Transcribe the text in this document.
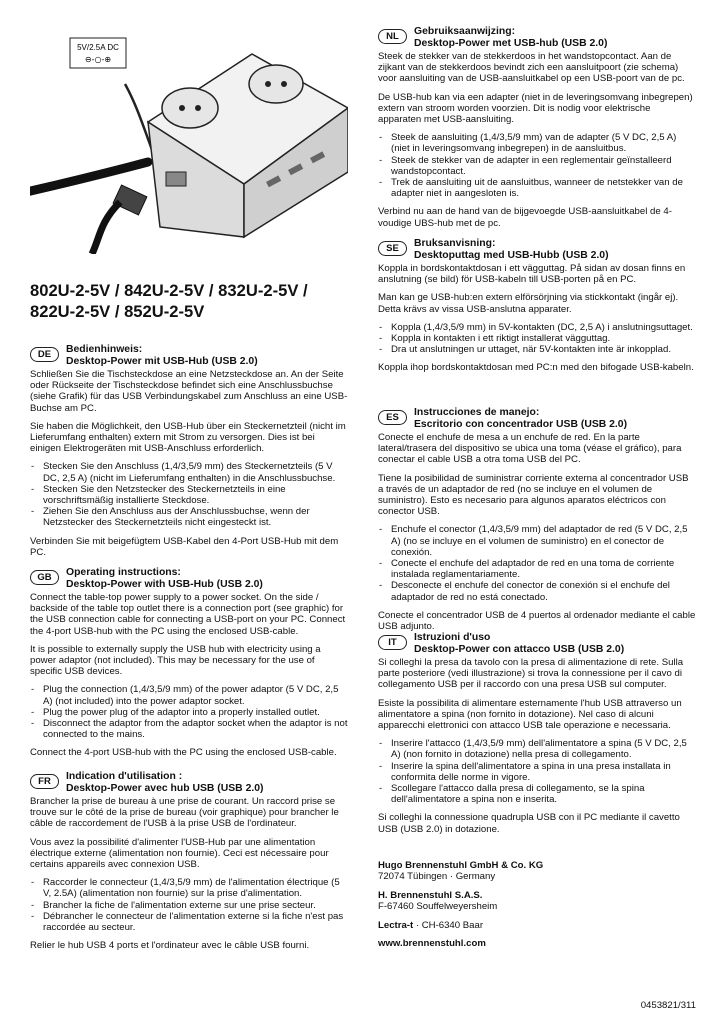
5V/2.5A DC
⊖-○-⊕
802U-2-5V / 842U-2-5V / 832U-2-5V / 822U-2-5V / 852U-2-5V
DE	Bedienhinweis:
Desktop-Power mit USB-Hub (USB 2.0)

Schließen Sie die Tischsteckdose an eine Netzsteckdose an. An der Seite oder Rückseite der Tischsteckdose befindet sich eine Anschlussbuchse (siehe Grafik) für das USB Verbindungskabel zum Anschluss an eine USB-Buchse am PC.

Sie haben die Möglichkeit, den USB-Hub über ein Steckernetzteil (nicht im Lieferumfang enthalten) extern mit Strom zu versorgen. Dies ist bei einigen Elektrogeräten mit USB-Anschluss erforderlich.

- Stecken Sie den Anschluss (1,4/3,5/9 mm) des Steckernetzteils (5 V DC, 2,5 A) (nicht im Lieferumfang enthalten) in die Anschlussbuchse.
- Stecken Sie den Netzstecker des Steckernetzteils in eine vorschriftsmäßig installierte Steckdose.
- Ziehen Sie den Anschluss aus der Anschlussbuchse, wenn der Netzstecker des Steckernetzteils nicht eingesteckt ist.

Verbinden Sie mit beigefügtem USB-Kabel den 4-Port USB-Hub mit dem PC.

GB	Operating instructions:
Desktop-Power with USB-Hub (USB 2.0)

Connect the table-top power supply to a power socket. On the side / backside of the table top outlet there is a connection port (see graphic) for the USB connection cable for connecting a USB-port on your PC. Connect the 4-port USB-hub with the PC using the enclosed USB-cable.

It is possible to externally supply the USB hub with electricity using a power adaptor (not included). This may be necessary for the use of specific USB devices.

- Plug the connection (1,4/3,5/9 mm) of the power adaptor (5 V DC, 2,5 A) (not included) into the power adaptor socket.
- Plug the power plug of the adaptor into a properly installed outlet.
- Disconnect the adaptor from the adaptor socket when the adaptor is not connected to the mains.

Connect the 4-port USB-hub with the PC using the enclosed USB-cable.

FR	Indication d'utilisation :
Desktop-Power avec hub USB (USB 2.0)

Brancher la prise de bureau à une prise de courant. Un raccord prise se trouve sur le côté de la prise de bureau (voir graphique) pour brancher le câble de raccordement de l'USB à la prise USB de l'ordinateur.

Vous avez la possibilité d'alimenter l'USB-Hub par une alimentation électrique externe (alimentation non fournie). Ceci est nécessaire pour certains appareils avec connexion USB.

- Raccorder le connecteur (1,4/3,5/9 mm) de l'alimentation électrique (5 V, 2.5A) (alimentation non fournie) sur la prise d'alimentation.
- Brancher la fiche de l'alimentation externe sur une prise secteur.
- Débrancher le connecteur de l'alimentation externe si la fiche n'est pas raccordée au secteur.

Relier le hub USB 4 ports et l'ordinateur avec le câble USB fourni.

NL	Gebruiksaanwijzing:
Desktop-Power met USB-hub (USB 2.0)

Steek de stekker van de stekkerdoos in het wandstopcontact. Aan de zijkant van de stekkerdoos bevindt zich een aansluitpoort (zie schema) voor aansluiting van de USB-aansluitkabel op een USB-poort van de pc.

De USB-hub kan via een adapter (niet in de leveringsomvang inbegrepen) extern van stroom worden voorzien. Dit is nodig voor elektrische apparaten met USB-aansluiting.

- Steek de aansluiting (1,4/3,5/9 mm) van de adapter (5 V DC, 2,5 A) (niet in leveringsomvang inbegrepen) in de aansluitbus.
- Steek de stekker van de adapter in een reglementair geïnstalleerd wandstopcontact.
- Trek de aansluiting uit de aansluitbus, wanneer de netstekker van de adapter niet in aangesloten is.

Verbind nu aan de hand van de bijgevoegde USB-aansluitkabel de 4-voudige UBS-hub met de pc.

SE	Bruksanvisning:
Desktoputtag med USB-Hubb (USB 2.0)

Koppla in bordskontaktdosan i ett vägguttag. På sidan av dosan finns en anslutning (se bild) för USB-kabeln till USB-porten på en PC.

Man kan ge USB-hub:en extern elförsörjning via stickkontakt (ingår ej). Detta krävs av vissa USB-anslutna apparater.

- Koppla (1,4/3,5/9 mm) in 5V-kontakten (DC, 2,5 A) i anslutningsuttaget.
- Koppla in kontakten i ett riktigt installerat vägguttag.
- Dra ut anslutningen ur uttaget, när 5V-kontakten inte är inkopplad.

Koppla ihop bordskontaktdosan med PC:n med den bifogade USB-kabeln.

ES	Instrucciones de manejo:
Escritorio con concentrador USB (USB 2.0)

Conecte el enchufe de mesa a un enchufe de red. En la parte lateral/trasera del dispositivo se ubica una toma (véase el gráfico), para conectar el cable USB a otra toma USB del PC.

Tiene la posibilidad de suministrar corriente externa al concentrador USB a través de un adaptador de red (no se incluye en el volumen de suministro). Esto es necesario para algunos aparatos eléctricos con conector USB.

- Enchufe el conector (1,4/3,5/9 mm) del adaptador de red (5 V DC, 2,5 A) (no se incluye en el volumen de suministro) en el conector de conexión.
- Conecte el enchufe del adaptador de red en una toma de corriente instalada reglamentariamente.
- Desconecte el enchufe del conector de conexión si el enchufe del adaptador de red no está conectado.

Conecte el concentrador USB de 4 puertos al ordenador mediante el cable USB adjunto.

IT	Istruzioni d'uso
Desktop-Power con attacco USB (USB 2.0)

Si colleghi la presa da tavolo con la presa di alimentazione di rete. Sulla parte posteriore (vedi illustrazione) si trova la connessione per il cavo di collegamento USB per il raccordo con una presa USB sul computer.

Esiste la possibilita di alimentare esternamente l'hub USB attraverso un alimentatore a spina (non fornito in dotazione). Nel caso di alcuni apparecchi elettronici con attacco USB tale operazione e necessaria.

- Inserire l'attacco (1,4/3,5/9 mm) dell'alimentatore a spina (5 V DC, 2,5 A) (non fornito in dotazione) nella presa di collegamento.
- Inserire la spina dell'alimentatore a spina in una presa installata in conformita delle norme in vigore.
- Scollegare l'attacco dalla presa di collegamento, se la spina dell'alimentatore a spina non e inserita.

Si colleghi la connessione quadrupla USB con il PC mediante il cavetto USB (USB 2.0) in dotazione.

Hugo Brennenstuhl GmbH & Co. KG
72074 Tübingen · Germany
H. Brennenstuhl S.A.S.
F-67460 Souffelweyersheim
Lectra-t · CH-6340 Baar
www.brennenstuhl.com
0453821/311
